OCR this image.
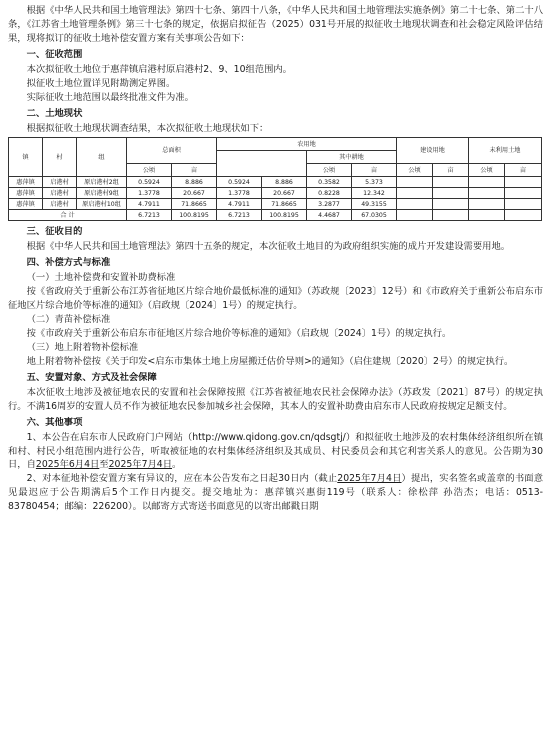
根据《中华人民共和国土地管理法》第四十七条、第四十八条，《中华人民共和国土地管理法实施条例》第二十七条、第二十八条，《江苏省土地管理条例》第三十七条的规定，依据启拟征告（2025）031号开展的拟征收土地现状调查和社会稳定风险评估结果，现将拟订的征收土地补偿安置方案有关事项公告如下：

一、征收范围

本次拟征收土地位于惠萍镇启港村原启港村2、9、10组范围内。

拟征收土地位置详见附勘测定界图。

实际征收土地范围以最终批准文件为准。

二、土地现状

根据拟征收土地现状调查结果，本次拟征收土地现状如下：

镇	村	组	总面积		农用地				建设用地		未利用土地	
							其中耕地					
			公顷	亩			公顷	亩	公顷	亩	公顷	亩
惠萍镇	启港村	原启港村2组	0.5924	8.886	0.5924	8.886	0.3582	5.373				
惠萍镇	启港村	原启港村9组	1.3778	20.667	1.3778	20.667	0.8228	12.342				
惠萍镇	启港村	原启港村10组	4.7911	71.8665	4.7911	71.8665	3.2877	49.3155				
合 计			6.7213	100.8195	6.7213	100.8195	4.4687	67.0305				

三、征收目的

根据《中华人民共和国土地管理法》第四十五条的规定，本次征收土地目的为政府组织实施的成片开发建设需要用地。

四、补偿方式与标准

（一）土地补偿费和安置补助费标准

按《省政府关于重新公布江苏省征地区片综合地价最低标准的通知》（苏政规〔2023〕12号）和《市政府关于重新公布启东市征地区片综合地价等标准的通知》（启政规〔2024〕1号）的规定执行。

（二）青苗补偿标准

按《市政府关于重新公布启东市征地区片综合地价等标准的通知》（启政规〔2024〕1号）的规定执行。

（三）地上附着物补偿标准

地上附着物补偿按《关于印发<启东市集体土地上房屋搬迁估价导则>的通知》（启住建规〔2020〕2号）的规定执行。

五、安置对象、方式及社会保障

本次征收土地涉及被征地农民的安置和社会保障按照《江苏省被征地农民社会保障办法》（苏政发〔2021〕87号）的规定执行。不满16周岁的安置人员不作为被征地农民参加城乡社会保障，其本人的安置补助费由启东市人民政府按规定足额支付。

六、其他事项

1、本公告在启东市人民政府门户网站（http://www.qidong.gov.cn/qdsgtj/）和拟征收土地涉及的农村集体经济组织所在镇和村、村民小组范围内进行公告，听取被征地的农村集体经济组织及其成员、村民委员会和其它利害关系人的意见。公告期为30日，自2025年6月4日至2025年7月4日。

2、对本征地补偿安置方案有异议的，应在本公告发布之日起30日内（截止2025年7月4日）提出，实名签名或盖章的书面意见最迟应于公告期满后5个工作日内提交。提交地址为：惠萍镇兴惠街119号（联系人：徐松萍 孙浩杰；电话：0513-83780454；邮编：226200）。以邮寄方式寄送书面意见的以寄出邮戳日期
